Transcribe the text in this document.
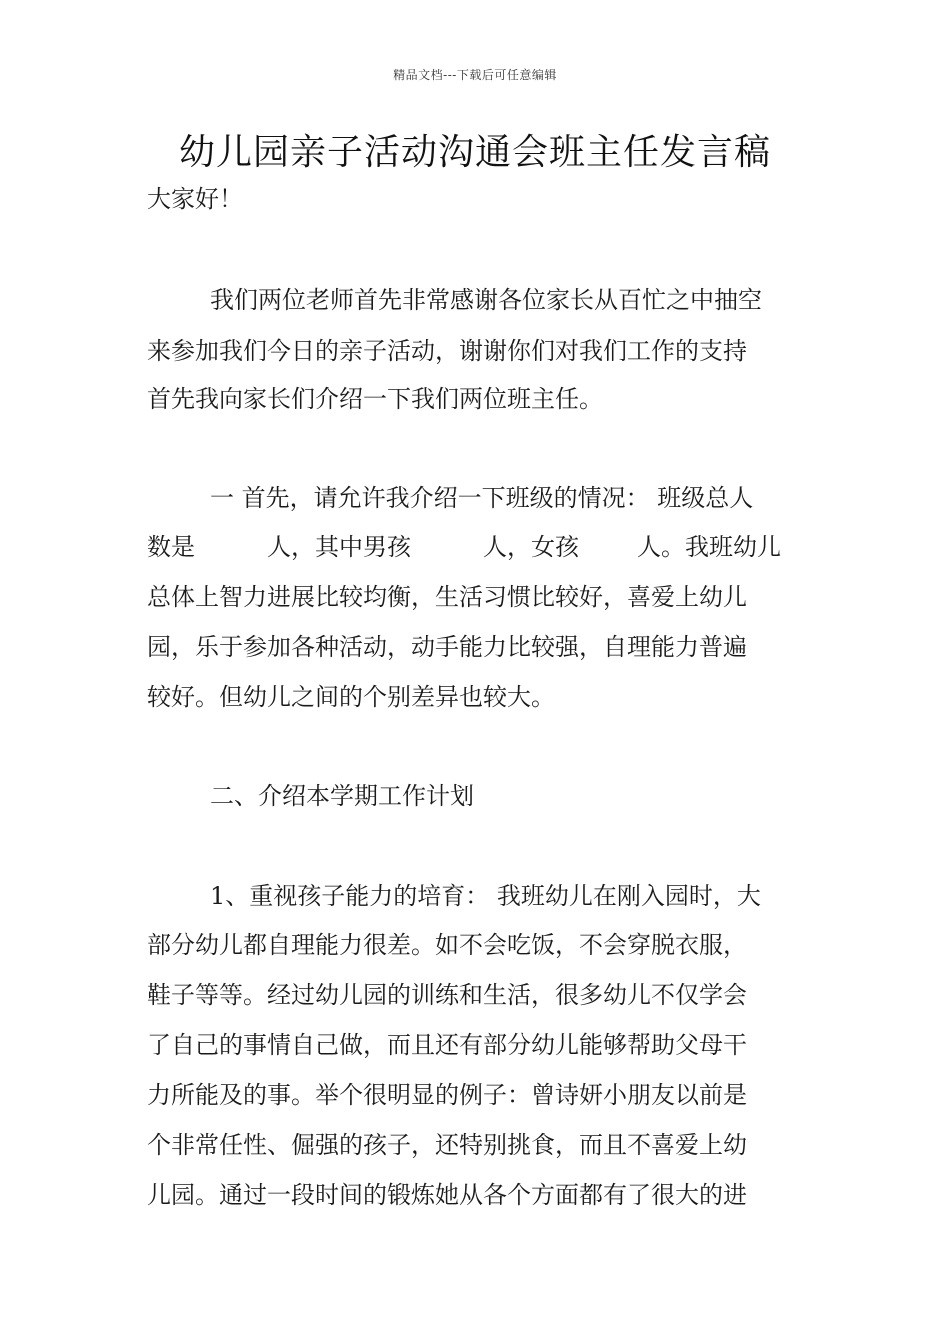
精品文档---下载后可任意编辑
幼儿园亲子活动沟通会班主任发言稿
大家好！
我们两位老师首先非常感谢各位家长从百忙之中抽空
来参加我们今日的亲子活动，谢谢你们对我们工作的支持
首先我向家长们介绍一下我们两位班主任。
一 首先，请允许我介绍一下班级的情况： 班级总人
数是	人，其中男孩	人，女孩 人。我班幼儿
总体上智力进展比较均衡，生活习惯比较好，喜爱上幼儿
园，乐于参加各种活动，动手能力比较强，自理能力普遍
较好。但幼儿之间的个别差异也较大。
二、介绍本学期工作计划
1、重视孩子能力的培育： 我班幼儿在刚入园时，大
部分幼儿都自理能力很差。如不会吃饭，不会穿脱衣服，
鞋子等等。经过幼儿园的训练和生活，很多幼儿不仅学会
了自己的事情自己做，而且还有部分幼儿能够帮助父母干
力所能及的事。举个很明显的例子：曾诗妍小朋友以前是
个非常任性、倔强的孩子，还特别挑食，而且不喜爱上幼
儿园。通过一段时间的锻炼她从各个方面都有了很大的进
